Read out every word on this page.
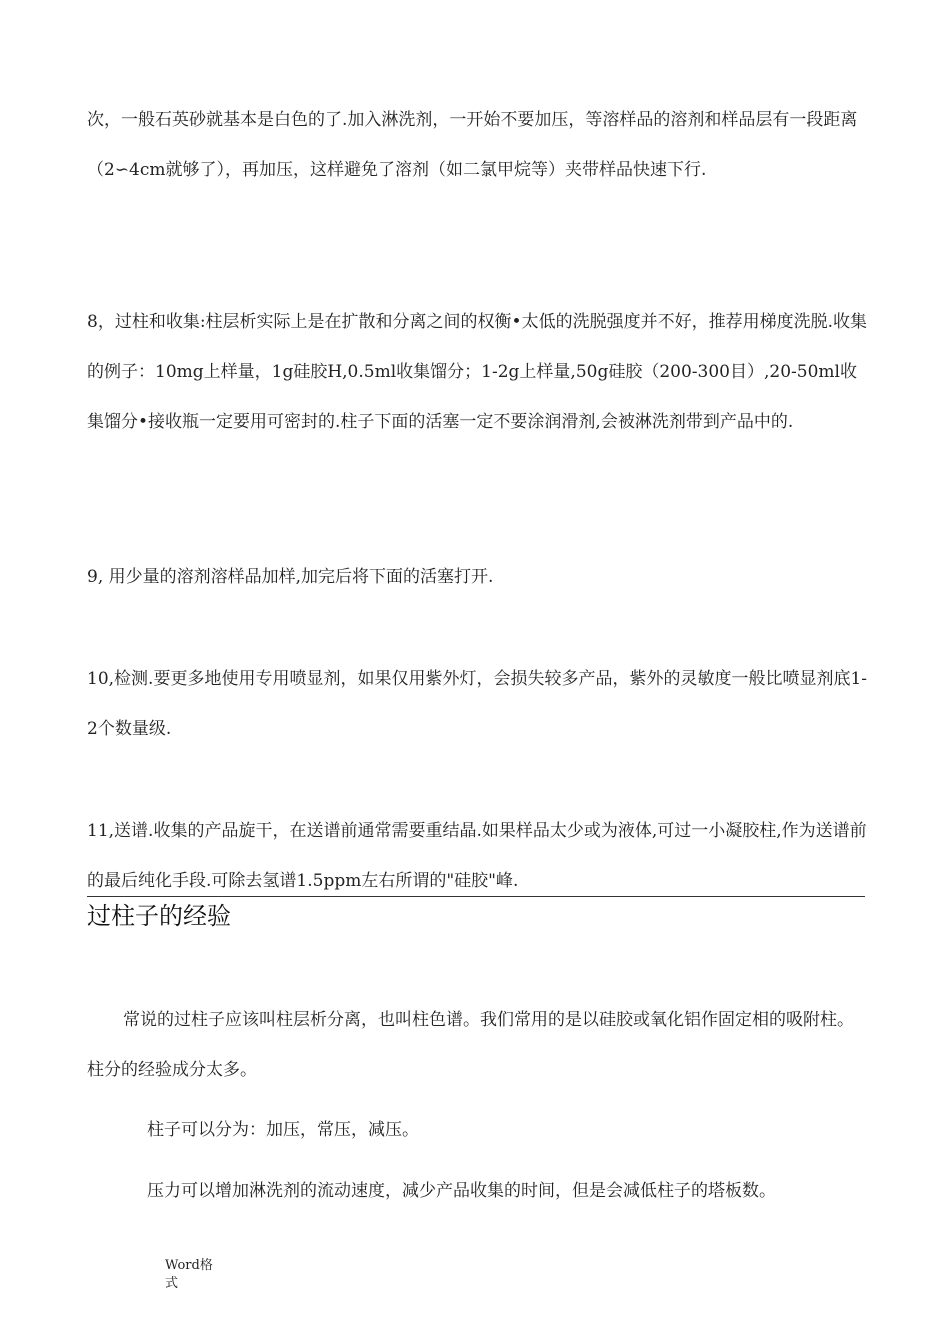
次，一般石英砂就基本是白色的了.加入淋洗剂，一开始不要加压，等溶样品的溶剂和样品层有一段距离（2∽4cm就够了），再加压，这样避免了溶剂（如二氯甲烷等）夹带样品快速下行.

8，过柱和收集:柱层析实际上是在扩散和分离之间的权衡•太低的洗脱强度并不好，推荐用梯度洗脱.收集的例子：10mg上样量，1g硅胶H,0.5ml收集馏分；1-2g上样量,50g硅胶（200-300目）,20-50ml收集馏分•接收瓶一定要用可密封的.柱子下面的活塞一定不要涂润滑剂,会被淋洗剂带到产品中的.

9, 用少量的溶剂溶样品加样,加完后将下面的活塞打开.

10,检测.要更多地使用专用喷显剂，如果仅用紫外灯，会损失较多产品，紫外的灵敏度一般比喷显剂底1-2个数量级.

11,送谱.收集的产品旋干，在送谱前通常需要重结晶.如果样品太少或为液体,可过一小凝胶柱,作为送谱前的最后纯化手段.可除去氢谱1.5ppm左右所谓的"硅胶"峰.

过柱子的经验

常说的过柱子应该叫柱层析分离，也叫柱色谱。我们常用的是以硅胶或氧化铝作固定相的吸附柱。柱分的经验成分太多。

柱子可以分为：加压，常压，减压。

压力可以增加淋洗剂的流动速度，减少产品收集的时间，但是会减低柱子的塔板数。

Word格式
